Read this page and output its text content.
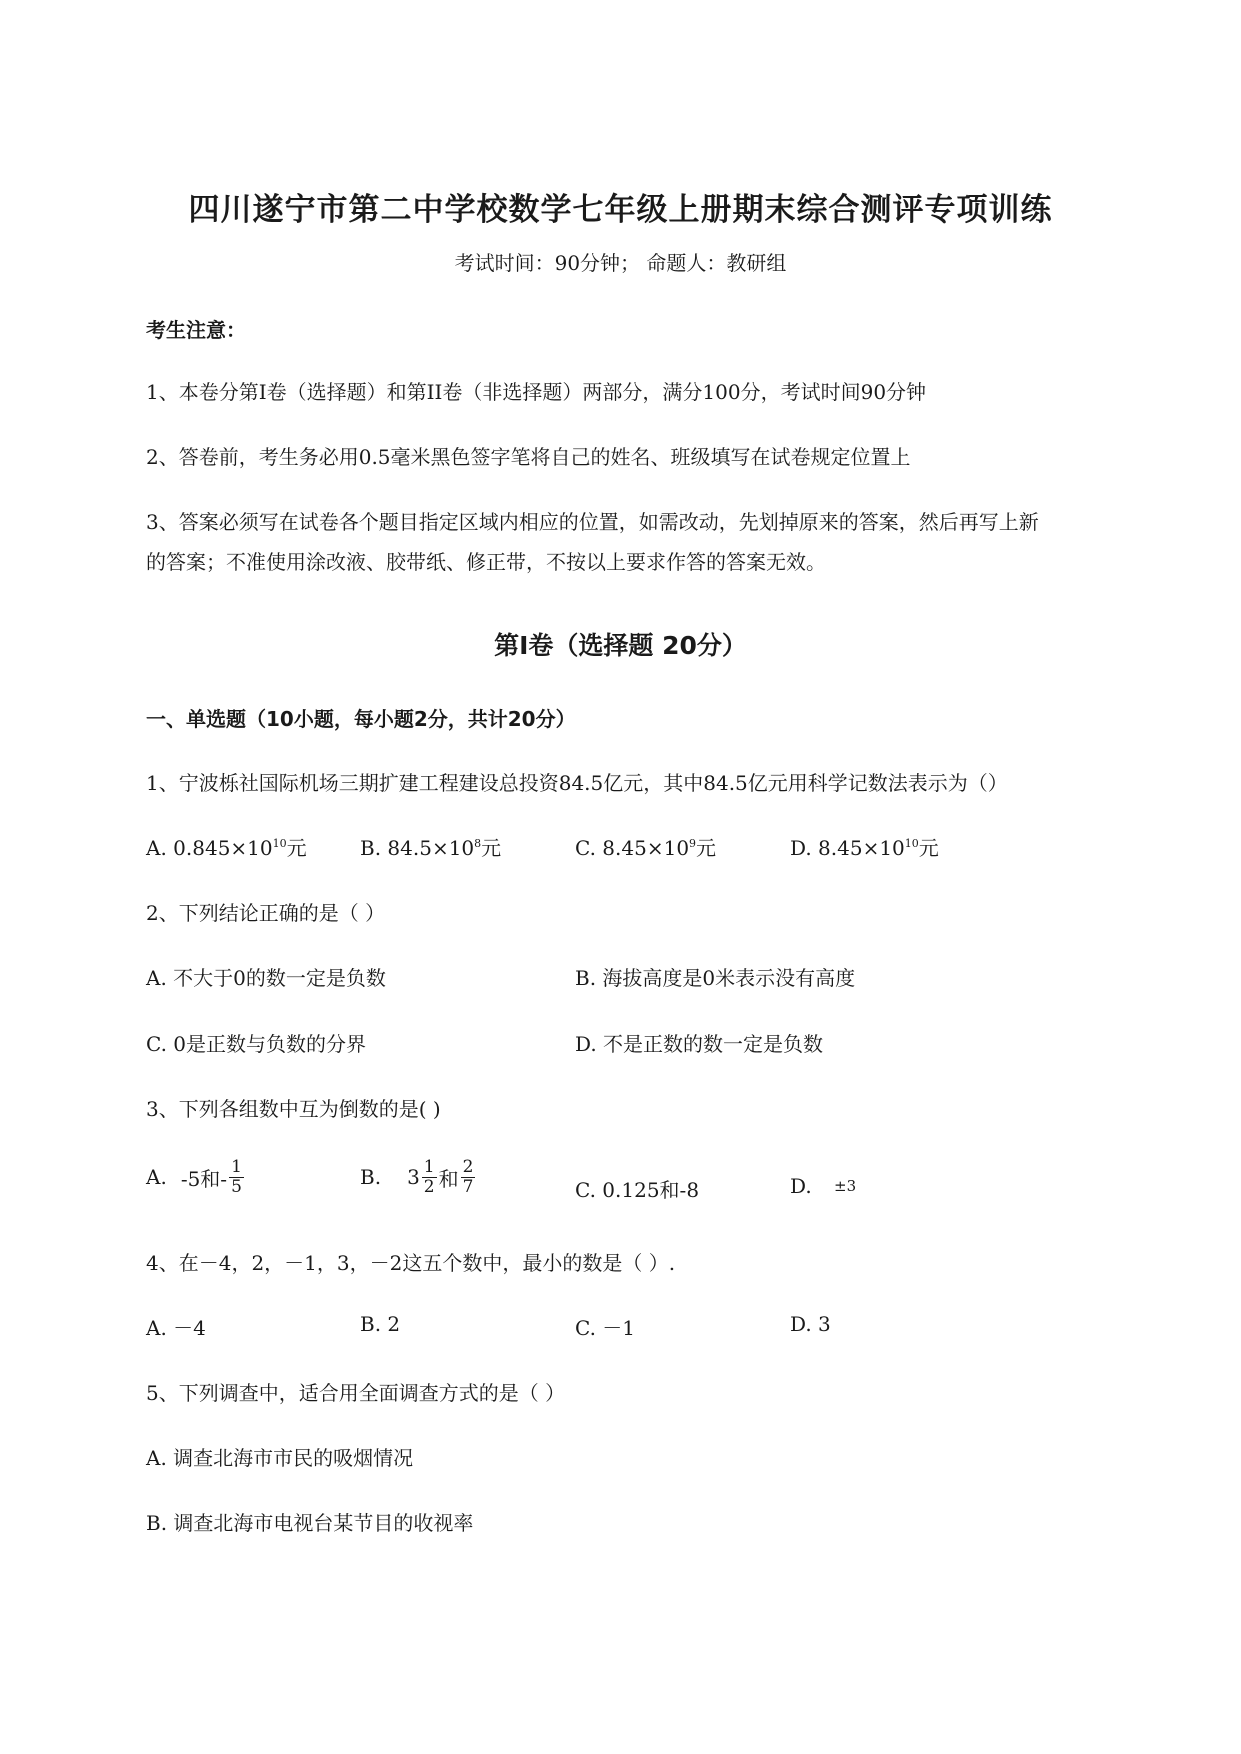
四川遂宁市第二中学校数学七年级上册期末综合测评专项训练
考试时间：90分钟； 命题人：教研组
考生注意：
1、本卷分第I卷（选择题）和第II卷（非选择题）两部分，满分100分，考试时间90分钟
2、答卷前，考生务必用0.5毫米黑色签字笔将自己的姓名、班级填写在试卷规定位置上
3、答案必须写在试卷各个题目指定区域内相应的位置，如需改动，先划掉原来的答案，然后再写上新
的答案；不准使用涂改液、胶带纸、修正带，不按以上要求作答的答案无效。
第I卷（选择题 20分）
一、单选题（10小题，每小题2分，共计20分）
1、宁波栎社国际机场三期扩建工程建设总投资84.5亿元，其中84.5亿元用科学记数法表示为（）
A. $0.845\times 10^{10}$元	B. $84.5\times 10^8$元	C. $8.45\times 10^9$元	D. $8.45\times 10^{10}$元
2、下列结论正确的是（ ）
A. 不大于0的数一定是负数	B. 海拔高度是0米表示没有高度
C. 0是正数与负数的分界	D. 不是正数的数一定是负数
3、下列各组数中互为倒数的是( )
A. -5和- $\frac{1}{5}$	B. $3 \frac{1}{2}$ 和 $\frac{2}{7}$	C. 0.125和-8	D. ±3
4、在－4，2，－1，3，－2这五个数中，最小的数是（ ）.
A. －4	B. 2	C. －1	D. 3
5、下列调查中，适合用全面调查方式的是（ ）
A. 调查北海市市民的吸烟情况
B. 调查北海市电视台某节目的收视率
